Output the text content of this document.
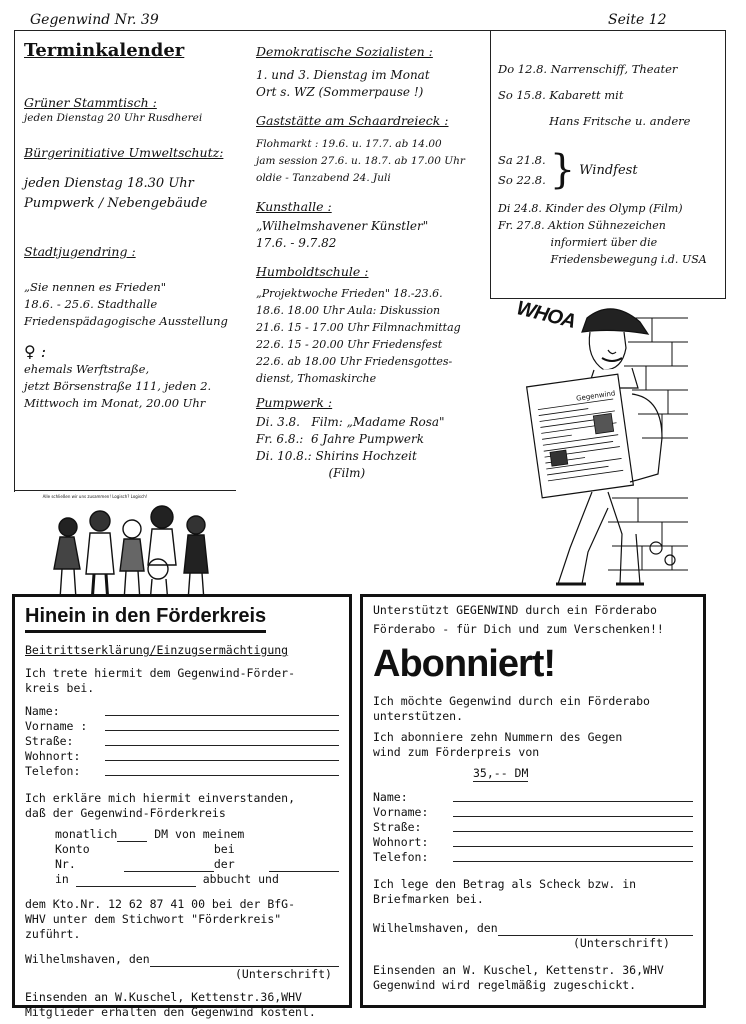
Gegenwind Nr. 39	Seite 12
Terminkalender
Grüner Stammtisch :
jeden Dienstag 20 Uhr Rusdherei
Bürgerinitiative Umweltschutz:
jeden Dienstag 18.30 Uhr
Pumpwerk / Nebengebäude
Stadtjugendring :
„Sie nennen es Frieden"
18.6. - 25.6. Stadthalle
Friedenspädagogische Ausstellung
♀ :
ehemals Werftstraße,
jetzt Börsenstraße 111, jeden 2.
Mittwoch im Monat, 20.00 Uhr
Alle schließen wir uns zusammen! Logisch? Logisch!
Demokratische Sozialisten :
1. und 3. Dienstag im Monat
Ort s. WZ (Sommerpause !)
Gaststätte am Schaardreieck :
Flohmarkt : 19.6. u. 17.7. ab 14.00
jam session 27.6. u. 18.7. ab 17.00 Uhr
oldie - Tanzabend 24. Juli
Kunsthalle :
„Wilhelmshavener Künstler"
17.6. - 9.7.82
Humboldtschule :
„Projektwoche Frieden" 18.-23.6.
18.6. 18.00 Uhr Aula: Diskussion
21.6. 15 - 17.00 Uhr Filmnachmittag
22.6. 15 - 20.00 Uhr Friedensfest
22.6. ab 18.00 Uhr Friedensgottes-
dienst, Thomaskirche
Pumpwerk :
Di. 3.8.   Film: „Madame Rosa"
Fr. 6.8.:  6 Jahre Pumpwerk
Di. 10.8.: Shirins Hochzeit
(Film)
Do 12.8. Narrenschiff, Theater
So 15.8. Kabarett mit
Hans Fritsche u. andere
Sa 21.8.
So 22.8. } Windfest
Di 24.8. Kinder des Olymp (Film)
Fr. 27.8. Aktion Sühnezeichen
informiert über die
Friedensbewegung i.d. USA
WHOA
Gegenwind
Hinein in den Förderkreis
Beitrittserklärung/Einzugsermächtigung
Ich trete hiermit dem Gegenwind-Förder-
kreis bei.
Name:
Vorname :
Straße:
Wohnort:
Telefon:
Ich erkläre mich hiermit einverstanden,
daß der Gegenwind-Förderkreis
monatlich
	DM von meinem
Konto Nr.

bei der

in

	abbucht und
dem Kto.Nr. 12 62 87 41 00 bei der BfG-
WHV unter dem Stichwort "Förderkreis"
zuführt.
Wilhelmshaven, den
(Unterschrift)
Einsenden an W.Kuschel, Kettenstr.36,WHV
Mitglieder erhalten den Gegenwind kostenl.
Unterstützt GEGENWIND durch ein Förderabo
Förderabo - für Dich und zum Verschenken!!
Abonniert!
Ich möchte Gegenwind durch ein Förderabo
unterstützen.
Ich abonniere zehn Nummern des Gegen
wind zum Förderpreis von
35,-- DM
Name:
Vorname:
Straße:
Wohnort:
Telefon:
Ich lege den Betrag als Scheck bzw. in
Briefmarken bei.
Wilhelmshaven, den
(Unterschrift)
Einsenden an W. Kuschel, Kettenstr. 36,WHV
Gegenwind wird regelmäßig zugeschickt.
